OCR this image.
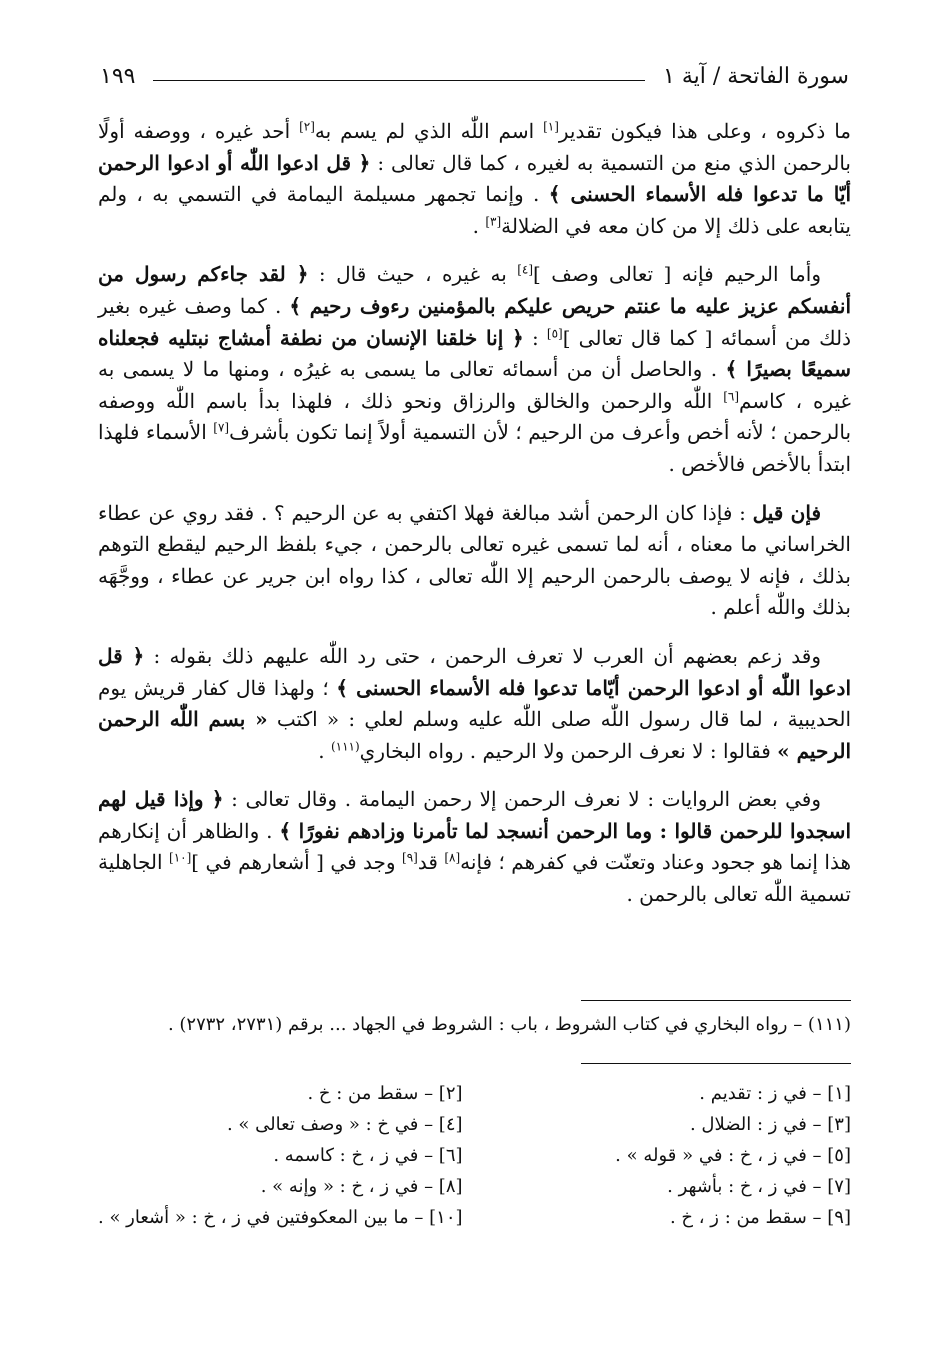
سورة الفاتحة / آية ١
١٩٩

ما ذكروه ، وعلى هذا فيكون تقدير[١] اسم اللّٰه الذي لم يسم به[٢] أحد غيره ، ووصفه أولًا بالرحمن الذي منع من التسمية به لغيره ، كما قال تعالى : ﴿ قل ادعوا اللّٰه أو ادعوا الرحمن أيّا ما تدعوا فله الأسماء الحسنى ﴾ . وإنما تجمهر مسيلمة اليمامة في التسمي به ، ولم يتابعه على ذلك إلا من كان معه في الضلالة[٣] .

وأما الرحيم فإنه [ تعالى وصف ][٤] به غيره ، حيث قال : ﴿ لقد جاءكم رسول من أنفسكم عزيز عليه ما عنتم حريص عليكم بالمؤمنين رءوف رحيم ﴾ . كما وصف غيره بغير ذلك من أسمائه [ كما قال تعالى ][٥] : ﴿ إنا خلقنا الإنسان من نطفة أمشاج نبتليه فجعلناه سميعًا بصيرًا ﴾ . والحاصل أن من أسمائه تعالى ما يسمى به غيرُه ، ومنها ما لا يسمى به غيره ، كاسم[٦] اللّٰه والرحمن والخالق والرزاق ونحو ذلك ، فلهذا بدأ باسم اللّٰه ووصفه بالرحمن ؛ لأنه أخص وأعرف من الرحيم ؛ لأن التسمية أولاً إنما تكون بأشرف[٧] الأسماء فلهذا ابتدأ بالأخص فالأخص .

فإن قيل : فإذا كان الرحمن أشد مبالغة فهلا اكتفي به عن الرحيم ؟ . فقد روي عن عطاء الخراساني ما معناه ، أنه لما تسمى غيره تعالى بالرحمن ، جيء بلفظ الرحيم ليقطع التوهم بذلك ، فإنه لا يوصف بالرحمن الرحيم إلا اللّٰه تعالى ، كذا رواه ابن جرير عن عطاء ، ووجَّهَه بذلك واللّٰه أعلم .

وقد زعم بعضهم أن العرب لا تعرف الرحمن ، حتى رد اللّٰه عليهم ذلك بقوله : ﴿ قل ادعوا اللّٰه أو ادعوا الرحمن أيّاما تدعوا فله الأسماء الحسنى ﴾ ؛ ولهذا قال كفار قريش يوم الحديبية ، لما قال رسول اللّٰه صلى اللّٰه عليه وسلم لعلي : « اكتب « بسم اللّٰه الرحمن الرحيم » فقالوا : لا نعرف الرحمن ولا الرحيم . رواه البخاري$^{(١١١)}$ .

وفي بعض الروايات : لا نعرف الرحمن إلا رحمن اليمامة . وقال تعالى : ﴿ وإذا قيل لهم اسجدوا للرحمن قالوا : وما الرحمن أنسجد لما تأمرنا وزادهم نفورًا ﴾ . والظاهر أن إنكارهم هذا إنما هو جحود وعناد وتعنّت في كفرهم ؛ فإنه[٨] قد[٩] وجد في [ أشعارهم في ][١٠] الجاهلية تسمية اللّٰه تعالى بالرحمن .

(١١١) – رواه البخاري في كتاب الشروط ، باب : الشروط في الجهاد ... برقم (٢٧٣١، ٢٧٣٢) .
[١] – في ز : تقديم .
[٢] – سقط من : خ .
[٣] – في ز : الضلال .
[٤] – في خ : « وصف تعالى » .
[٥] – في ز ، خ : في « قوله » .
[٦] – في ز ، خ : كاسمه .
[٧] – في ز ، خ : بأشهر .
[٨] – في ز ، خ : « وإنه » .
[٩] – سقط من : ز ، خ .
[١٠] – ما بين المعكوفتين في ز ، خ : « أشعار » .
